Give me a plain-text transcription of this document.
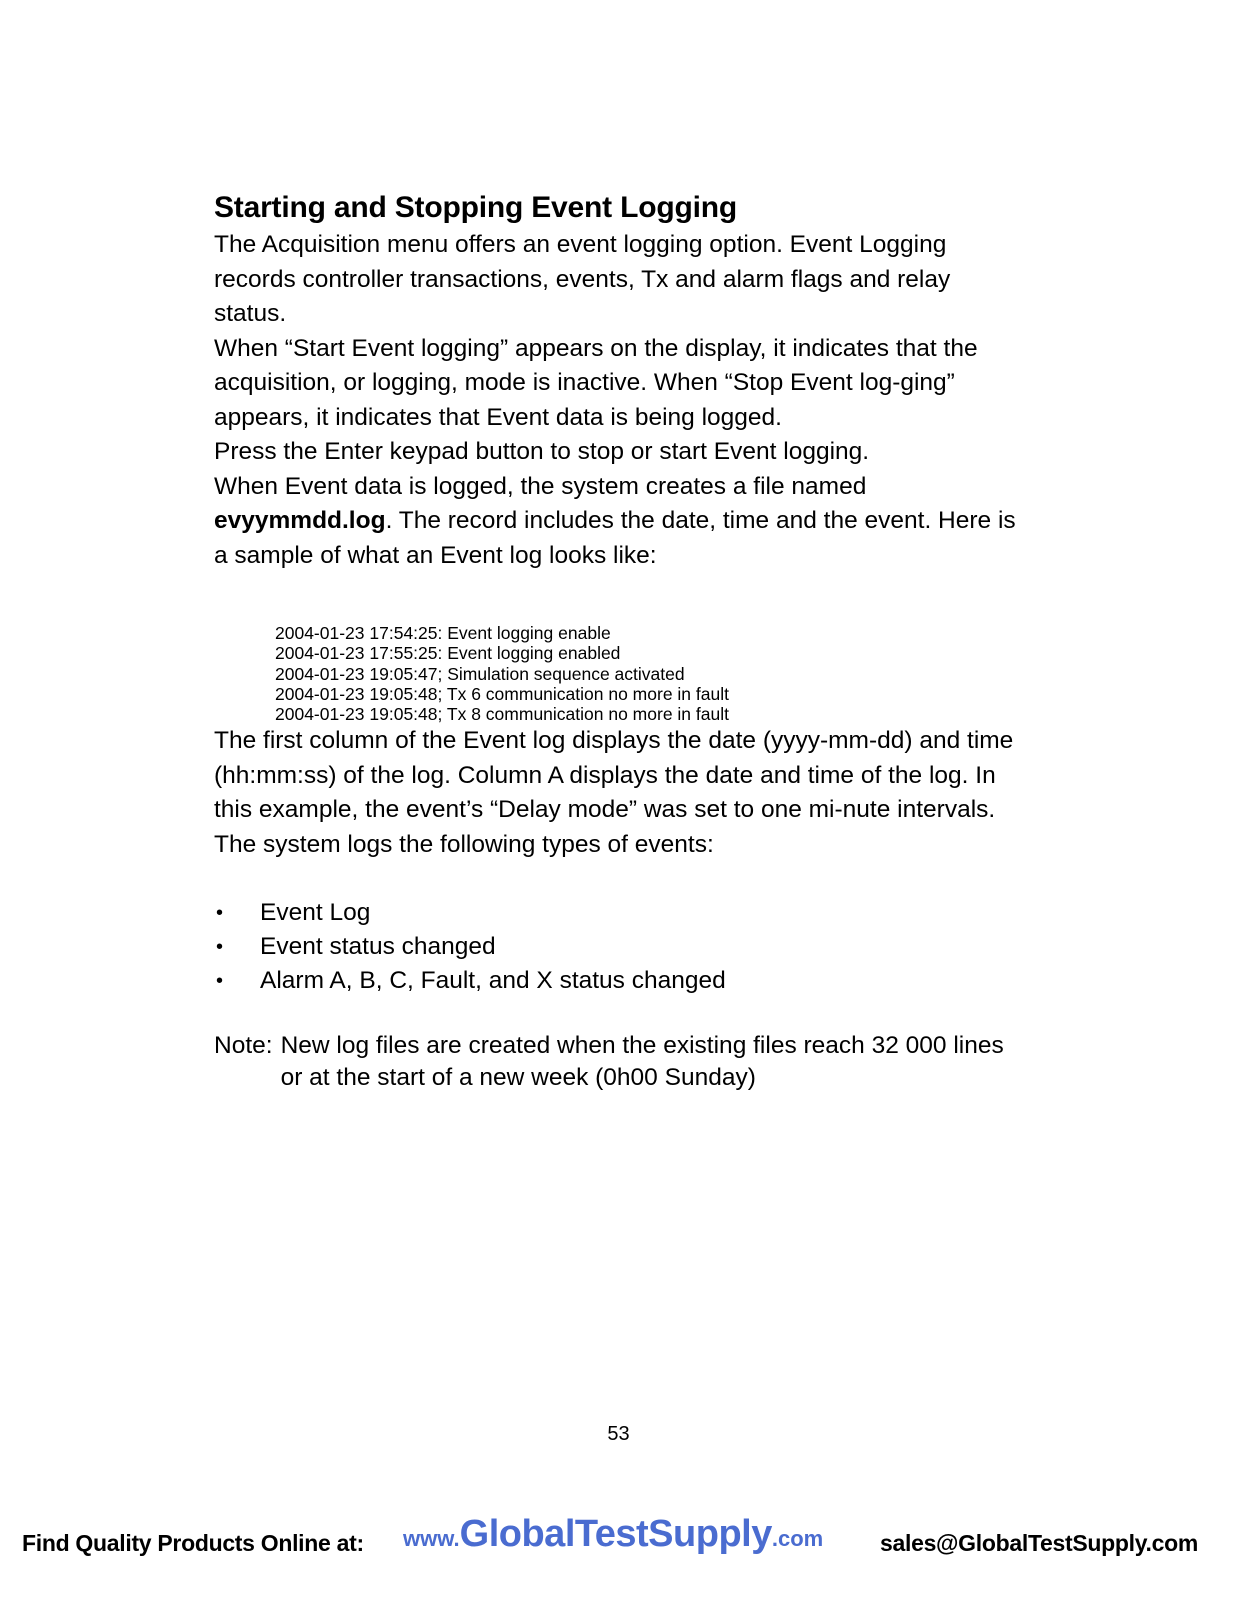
Starting and Stopping Event Logging

The Acquisition menu offers an event logging option. Event Logging records controller transactions, events, Tx and alarm flags and relay status.

When “Start Event logging” appears on the display, it indicates that the acquisition, or logging, mode is inactive. When “Stop Event log-ging” appears, it indicates that Event data is being logged.

Press the Enter keypad button to stop or start Event logging.

When Event data is logged, the system creates a file named evyymmdd.log. The record includes the date, time and the event. Here is a sample of what an Event log looks like:

2004-01-23 17:54:25: Event logging enable
2004-01-23 17:55:25: Event logging enabled
2004-01-23 19:05:47; Simulation sequence activated
2004-01-23 19:05:48; Tx 6 communication no more in fault
2004-01-23 19:05:48; Tx 8 communication no more in fault

The first column of the Event log displays the date (yyyy-mm-dd) and time (hh:mm:ss) of the log. Column A displays the date and time of the log. In this example, the event’s “Delay mode” was set to one mi-nute intervals.

The system logs the following types of events:

• Event Log
• Event status changed
• Alarm A, B, C, Fault, and X status changed
Note: New log files are created when the existing files reach 32 000 lines or at the start of a new week (0h00 Sunday)
53
Find Quality Products Online at: www.GlobalTestSupply.com sales@GlobalTestSupply.com
